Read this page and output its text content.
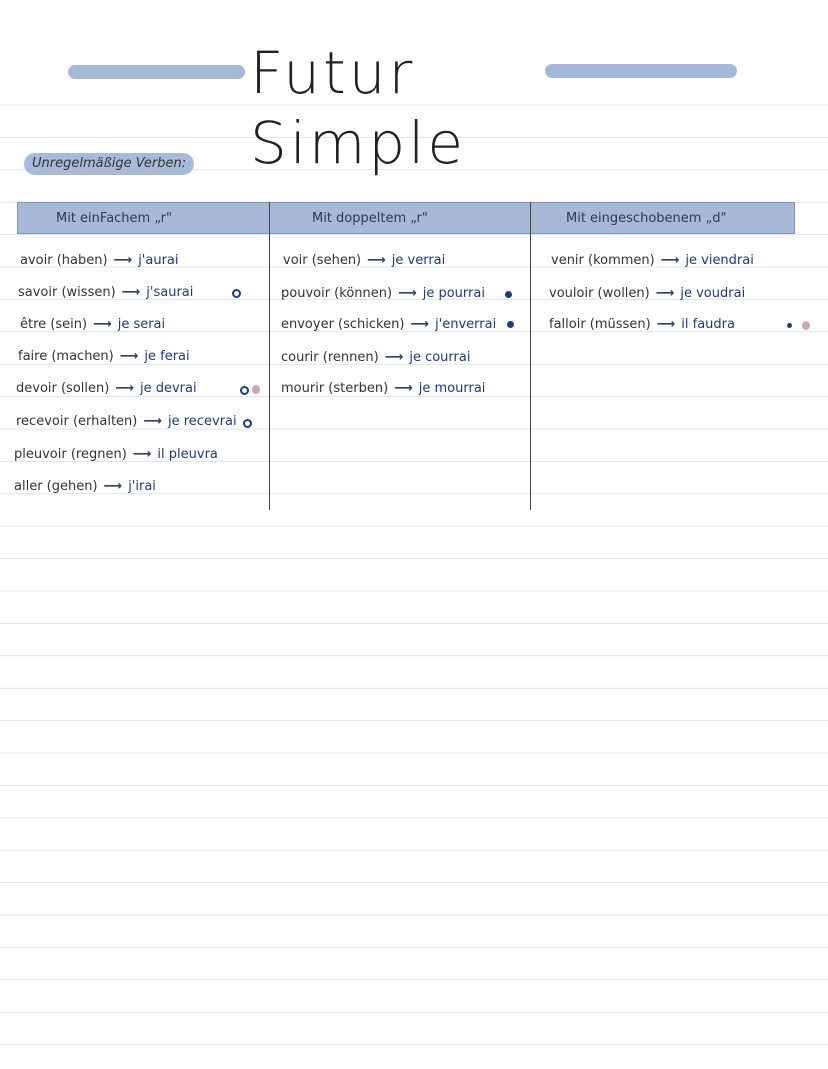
Futur Simple
Unregelmäßige Verben:
Mit einFachem „r"	Mit doppeltem „r"	Mit eingeschobenem „d"
avoir (haben) ⟶ j'aurai
savoir (wissen) ⟶ j'saurai
être (sein) ⟶ je serai
faire (machen) ⟶ je ferai
devoir (sollen) ⟶ je devrai
recevoir (erhalten) ⟶ je recevrai
pleuvoir (regnen) ⟶ il pleuvra
aller (gehen) ⟶ j'irai
voir (sehen) ⟶ je verrai
pouvoir (können) ⟶ je pourrai
envoyer (schicken) ⟶ j'enverrai
courir (rennen) ⟶ je courrai
mourir (sterben) ⟶ je mourrai
venir (kommen) ⟶ je viendrai
vouloir (wollen) ⟶ je voudrai
falloir (müssen) ⟶ il faudra
